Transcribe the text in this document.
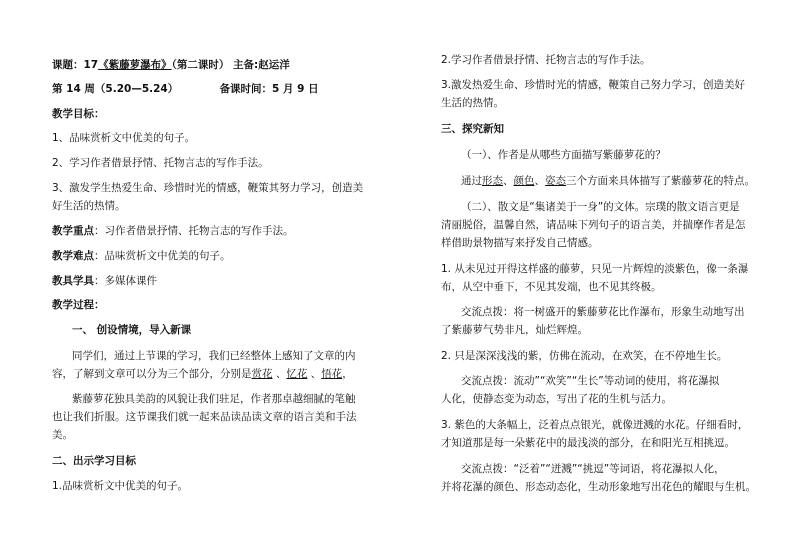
课题：17《紫藤萝瀑布》（第二课时） 主备:赵运洋
第 14 周（5.20—5.24）	备课时间：5 月 9 日
教学目标：
1、品味赏析文中优美的句子。
2、学习作者借景抒情、托物言志的写作手法。
3、激发学生热爱生命、珍惜时光的情感，鞭策其努力学习，创造美
好生活的热情。
教学重点：习作者借景抒情、托物言志的写作手法。
教学难点：品味赏析文中优美的句子。
教具学具：多媒体课件
教学过程：
一、 创设情境，导入新课
同学们，通过上节课的学习，我们已经整体上感知了文章的内
容，了解到文章可以分为三个部分，分别是赏花 、忆花 、悟花，
紫藤萝花独具美韵的风貌让我们驻足，作者那卓越细腻的笔触
也让我们折服。这节课我们就一起来品读品读文章的语言美和手法
美。
二、出示学习目标
1.品味赏析文中优美的句子。
2.学习作者借景抒情、托物言志的写作手法。
3.激发热爱生命、珍惜时光的情感，鞭策自己努力学习，创造美好
生活的热情。
三、探究新知
（一）、作者是从哪些方面描写紫藤萝花的？
通过形态、颜色、姿态三个方面来具体描写了紫藤萝花的特点。
（二）、散文是“集诸美于一身”的文体。宗璞的散文语言更是
清丽脱俗，温馨自然，请品味下列句子的语言美，并揣摩作者是怎
样借助景物描写来抒发自己情感。
1. 从未见过开得这样盛的藤萝，只见一片辉煌的淡紫色，像一条瀑
布，从空中垂下，不见其发端，也不见其终极。
交流点拨：将一树盛开的紫藤萝花比作瀑布，形象生动地写出
了紫藤萝气势非凡，灿烂辉煌。
2. 只是深深浅浅的紫，仿佛在流动，在欢笑，在不停地生长。
交流点拨：流动”“欢笑”“生长”等动词的使用，将花瀑拟
人化，使静态变为动态，写出了花的生机与活力。
3. 紫色的大条幅上，泛着点点银光，就像迸溅的水花。仔细看时，
才知道那是每一朵紫花中的最浅淡的部分，在和阳光互相挑逗。
交流点拨：“泛着”“迸溅”“挑逗”等词语，将花瀑拟人化，
并将花瀑的颜色、形态动态化，生动形象地写出花色的耀眼与生机。
